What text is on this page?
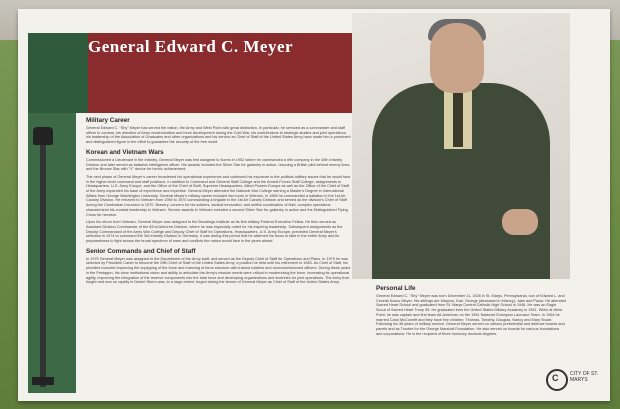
General Edward C. Meyer
Military Career
General Edward C. "Shy" Meyer has served the nation, the Army and West Point with great distinction. In particular, he serviced as a commander and staff officer in combat, his direction of Army modernization and force development during the Cold War, his contributions to strategic studies and joint operations, his leadership of the Association of Graduates and other organizations and his service as Chief of Staff of the United States Army have made him a prominent and distinguished figure in the effort to guarantee the security of the free world.
Korean and Vietnam Wars
Commissioned a Lieutenant in the Infantry, General Meyer was first assigned to Korea in 1952 where he commanded a rifle company in the 40th Infantry Division and later served as battalion intelligence officer. His awards included the Silver Star for gallantry in action, rescuing a British pilot behind enemy lines, and the Bronze Star with "V" device for heroic achievement.
The next phase of General Meyer's career broadened his operational experience and continued his exposure to the political-military issues that he would face in the higher-level command and staff positions. In addition to Command and General Staff College and the Armed Forces Staff College, assignments to Headquarters, U.S. Army Europe, and the Office of the Chief of Staff, Supreme Headquarters, Allied Powers Europe as well as the Office of the Chief of Staff of the Army expanded his base of experience and expertise. General Meyer attended the National War College earning a Master's Degree in International Affairs from George Washington University. General Meyer's military career included two tours in Vietnam. In 1965 he commanded a battalion in the 1st Air Cavalry Division. He returned to Vietnam from 1969 to 1970 commanding a brigade in the 1st Air Cavalry Division and served as the division's Chief of Staff during the Cambodian Incursion in 1970. Bravery, concern for his soldiers, tactical innovation, and skillful coordination of fluid, complex operations characterized his combat leadership in Vietnam. Service awards in Vietnam included a second Silver Star for gallantry in action and the Distinguished Flying Cross for heroism.
Upon his return from Vietnam, General Meyer was assigned to the Brookings Institute as its first military Federal Executive Fellow. He then served as Assistant Division Commander of the 82nd Airborne Division, where he was especially noted for his inspiring leadership. Subsequent assignments as the Deputy Commandant of the Army War College and Deputy Chief of Staff for Operations, Headquarters, U.S. Army Europe, preceded General Meyer's selection in 1974 to command the 3rd Infantry Division in Germany. It was during this period that he widened his focus to take in the entire Army and its preparedness to fight across the broad spectrum of wars and conflicts the nation would face in the years ahead.
Senior Commands and Chief of Staff
In 1975 General Meyer was assigned to the Department of the Army staff, and served as the Deputy Chief of Staff for Operations and Plans. In 1979 he was selected by President Carter to become the 29th Chief of Staff of the United States Army, a position he held until his retirement in 1983. As Chief of Staff, his priorities included improving the equipping of the force and manning of force structure with trained soldiers and noncommissioned officers. During these years in the Pentagon, his clear institutional vision and ability to articulate the Army's mission needs were critical in modernizing the force, increasing its operational agility, improving the integration of the reserve components into the total force and developing organizations and doctrines for joint operations. The Army that fought and won so rapidly in Desert Storm was, to a large extent, forged during the tenure of General Meyer as Chief of Staff of the United States Army.
Personal Life
General Edward C. "Shy" Meyer was born December 11, 1928 in St. Marys, Pennsylvania, son of Edward L. and Cecelia Kosco Meyer. His siblings are Marylou, Karl, George (deceased in infancy), Jake and Paula. He attended Sacred Heart School and graduated from St. Marys Central Catholic High School in 1946. He was an Eagle Scout of Sacred Heart Troop 95. He graduated from the United States Military Academy in 1951. While at West Point, he was captain and first team All-American on the 1951 National Champion Lacrosse Team. In 1954 he married Carol McCunniff and they have five children: Thomas, Timothy, Douglas, Nancy and Mary Stuart. Following his 36 years of military service, General Meyer served on various presidential and defense boards and panels and as Trustee for the George Marshall Foundation. He also served on boards for various foundations and corporations. He is the recipient of three honorary doctoral degrees.
C CITY OF ST. MARYS
